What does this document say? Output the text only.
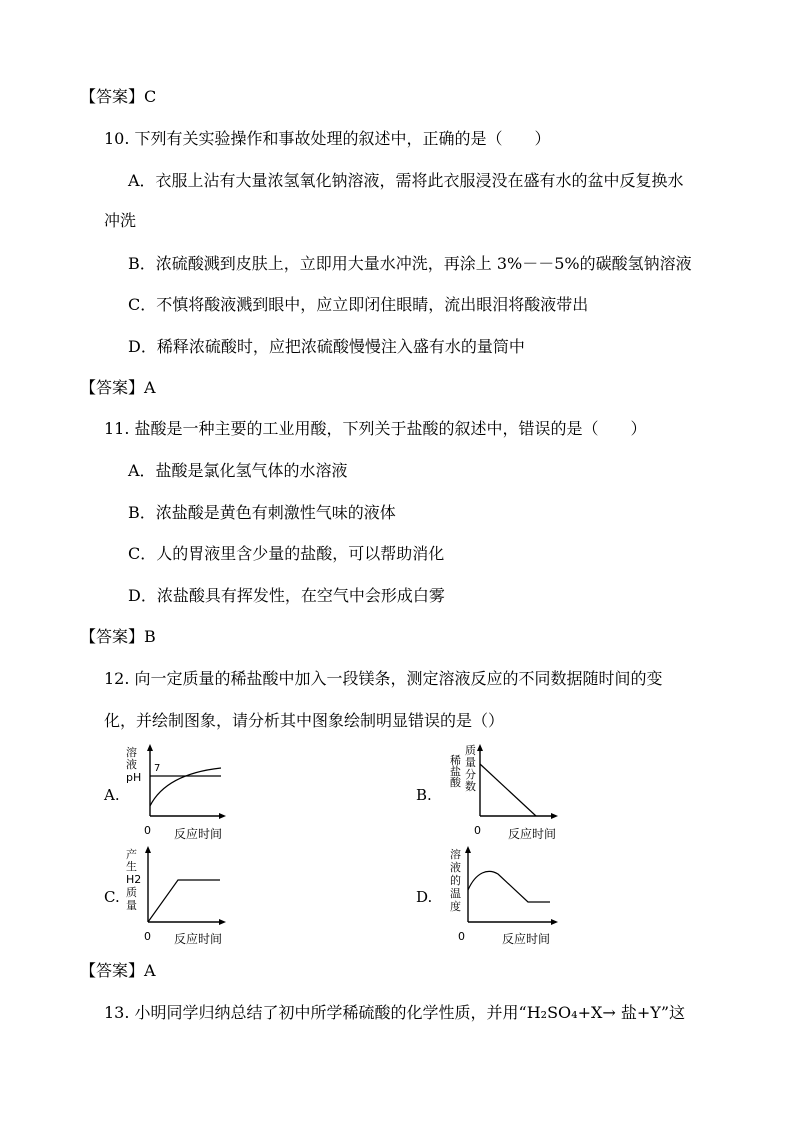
【答案】C
10. 下列有关实验操作和事故处理的叙述中，正确的是（　　）
A．衣服上沾有大量浓氢氧化钠溶液，需将此衣服浸没在盛有水的盆中反复换水
冲洗
B．浓硫酸溅到皮肤上，立即用大量水冲洗，再涂上 3%－－5%的碳酸氢钠溶液
C．不慎将酸液溅到眼中，应立即闭住眼睛，流出眼泪将酸液带出
D．稀释浓硫酸时，应把浓硫酸慢慢注入盛有水的量筒中
【答案】A
11. 盐酸是一种主要的工业用酸，下列关于盐酸的叙述中，错误的是（　　）
A．盐酸是氯化氢气体的水溶液
B．浓盐酸是黄色有刺激性气味的液体
C．人的胃液里含少量的盐酸，可以帮助消化
D．浓盐酸具有挥发性，在空气中会形成白雾
【答案】B
12. 向一定质量的稀盐酸中加入一段镁条，测定溶液反应的不同数据随时间的变
化，并绘制图象，请分析其中图象绘制明显错误的是（）
A.	B.
C.	D.
溶
液
pH
7
0 反应时间
稀
盐
酸
质
量
分
数
0 反应时间
产
生
H2
质
量
0 反应时间
溶
液
的
温
度
0	反应时间
【答案】A
13. 小明同学归纳总结了初中所学稀硫酸的化学性质，并用“H₂SO₄+X→ 盐+Y”这
